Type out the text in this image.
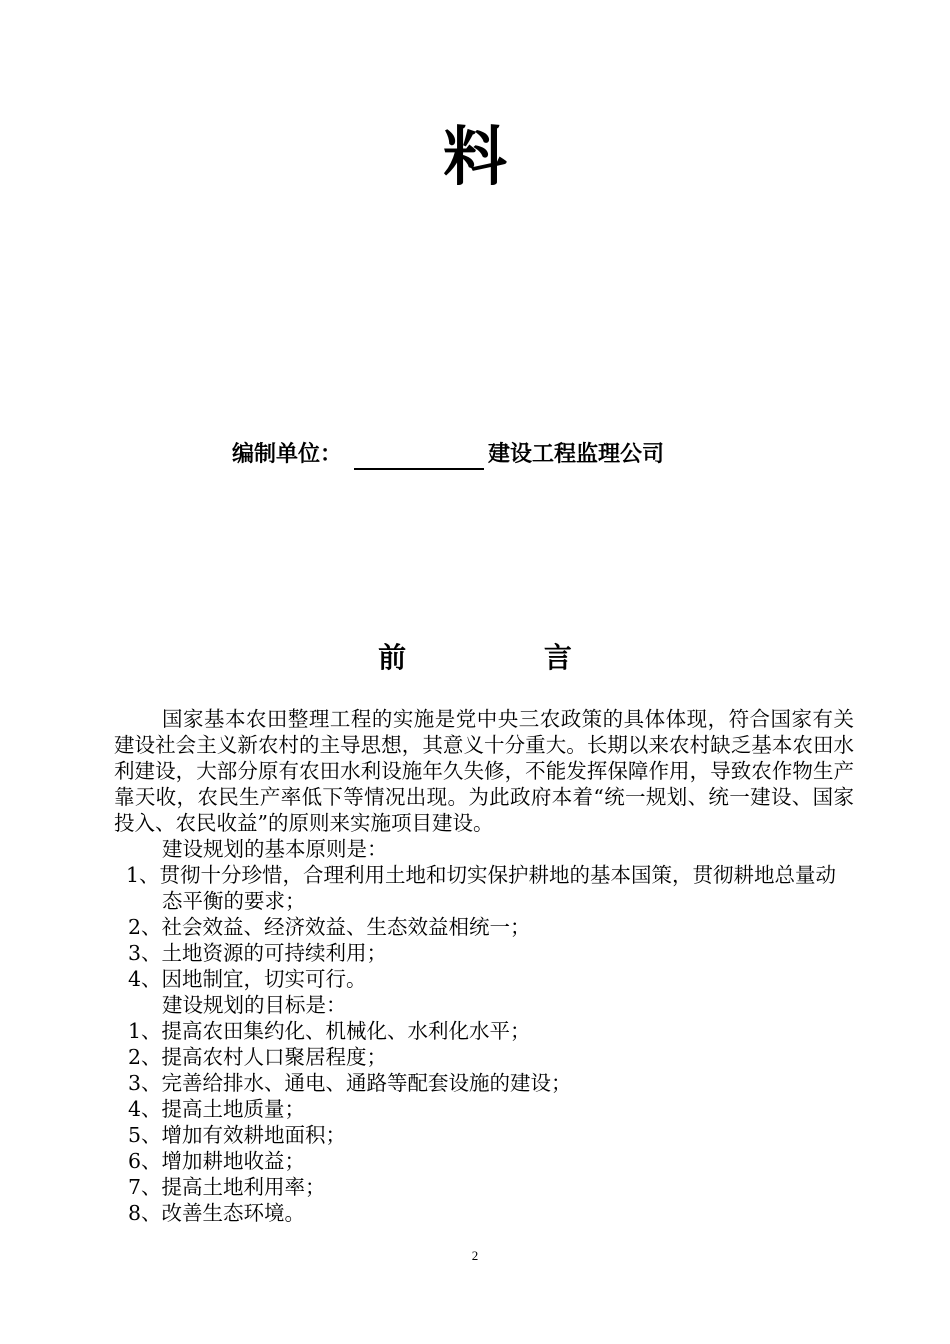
料
编制单位：	建设工程监理公司
前 言

国家基本农田整理工程的实施是党中央三农政策的具体体现，符合国家有关建设社会主义新农村的主导思想，其意义十分重大。长期以来农村缺乏基本农田水利建设，大部分原有农田水利设施年久失修，不能发挥保障作用，导致农作物生产靠天收，农民生产率低下等情况出现。为此政府本着“统一规划、统一建设、国家投入、农民收益”的原则来实施项目建设。

建设规划的基本原则是：

1、贯彻十分珍惜，合理利用土地和切实保护耕地的基本国策，贯彻耕地总量动态平衡的要求；

2、社会效益、经济效益、生态效益相统一；

3、土地资源的可持续利用；

4、因地制宜，切实可行。

建设规划的目标是：

1、提高农田集约化、机械化、水利化水平；

2、提高农村人口聚居程度；

3、完善给排水、通电、通路等配套设施的建设；

4、提高土地质量；

5、增加有效耕地面积；

6、增加耕地收益；

7、提高土地利用率；

8、改善生态环境。

2
